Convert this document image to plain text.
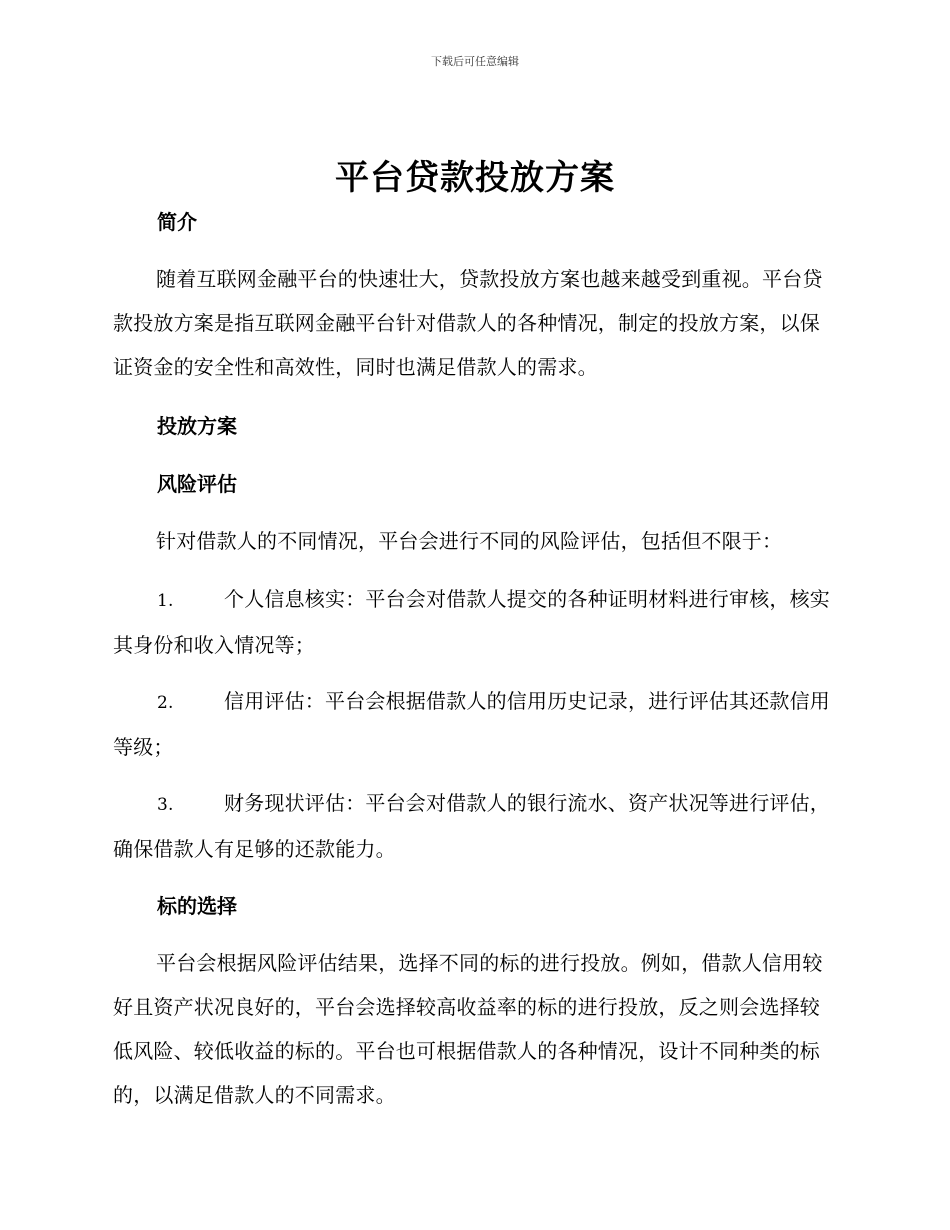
下载后可任意编辑
平台贷款投放方案
简介
随着互联网金融平台的快速壮大，贷款投放方案也越来越受到重视。平台贷款投放方案是指互联网金融平台针对借款人的各种情况，制定的投放方案，以保证资金的安全性和高效性，同时也满足借款人的需求。
投放方案
风险评估
针对借款人的不同情况，平台会进行不同的风险评估，包括但不限于：
1.	个人信息核实：平台会对借款人提交的各种证明材料进行审核，核实其身份和收入情况等；
2.	信用评估：平台会根据借款人的信用历史记录，进行评估其还款信用等级；
3.	财务现状评估：平台会对借款人的银行流水、资产状况等进行评估，确保借款人有足够的还款能力。
标的选择
平台会根据风险评估结果，选择不同的标的进行投放。例如，借款人信用较好且资产状况良好的，平台会选择较高收益率的标的进行投放，反之则会选择较低风险、较低收益的标的。平台也可根据借款人的各种情况，设计不同种类的标的，以满足借款人的不同需求。
